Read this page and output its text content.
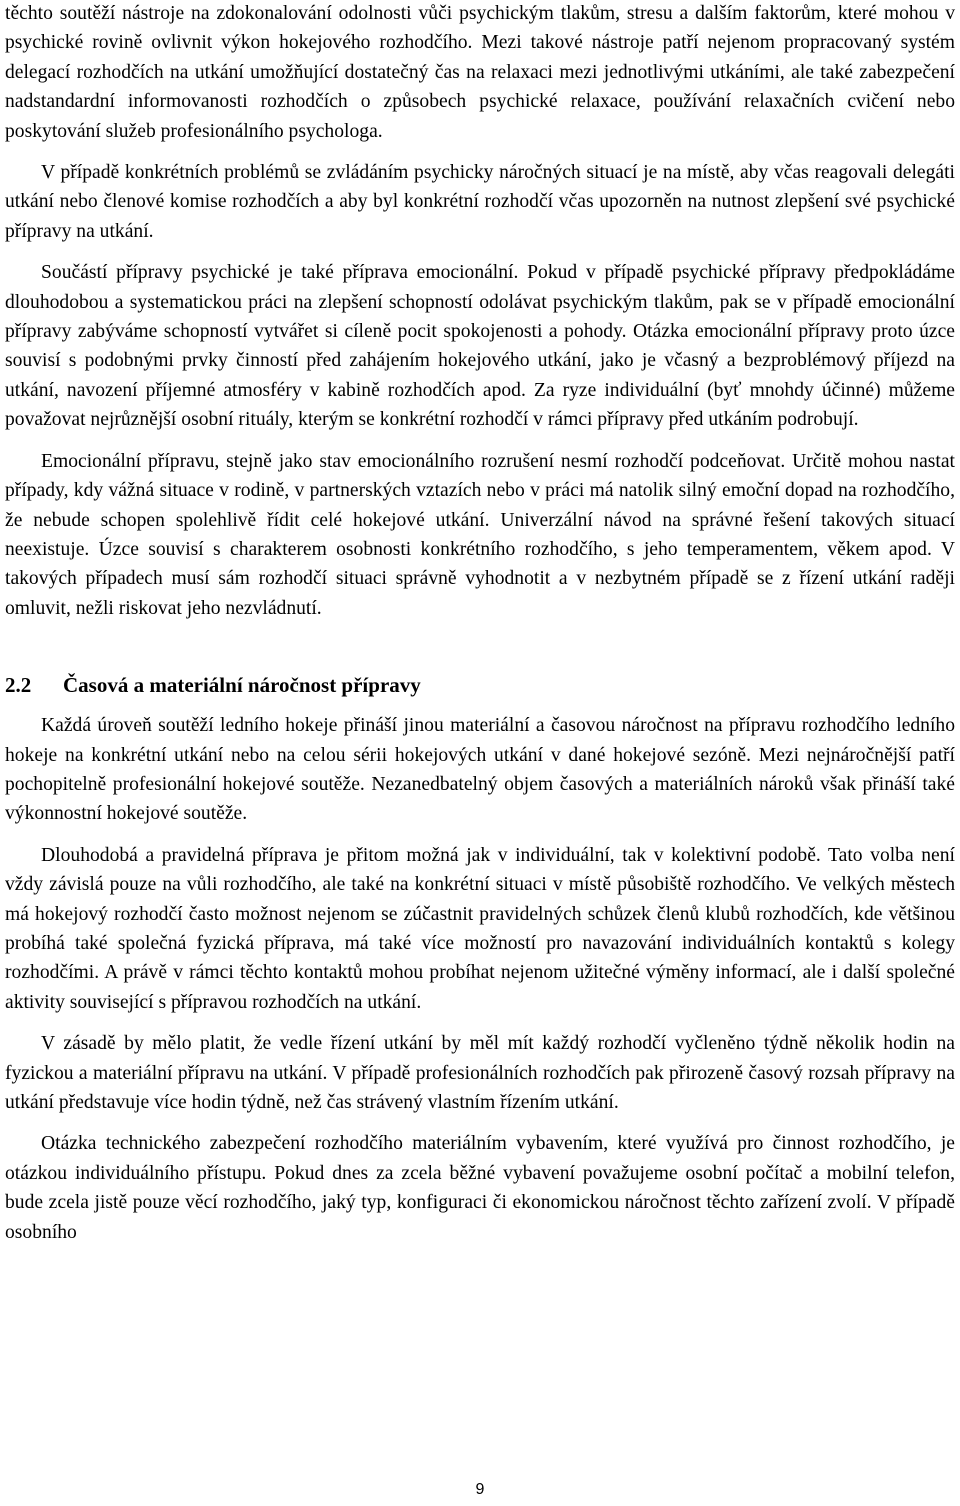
těchto soutěží nástroje na zdokonalování odolnosti vůči psychickým tlakům, stresu a dalším faktorům, které mohou v psychické rovině ovlivnit výkon hokejového rozhodčího. Mezi takové nástroje patří nejenom propracovaný systém delegací rozhodčích na utkání umožňující dostatečný čas na relaxaci mezi jednotlivými utkáními, ale také zabezpečení nadstandardní informovanosti rozhodčích o způsobech psychické relaxace, používání relaxačních cvičení nebo poskytování služeb profesionálního psychologa.

V případě konkrétních problémů se zvládáním psychicky náročných situací je na místě, aby včas reagovali delegáti utkání nebo členové komise rozhodčích a aby byl konkrétní rozhodčí včas upozorněn na nutnost zlepšení své psychické přípravy na utkání.

Součástí přípravy psychické je také příprava emocionální. Pokud v případě psychické přípravy předpokládáme dlouhodobou a systematickou práci na zlepšení schopností odolávat psychickým tlakům, pak se v případě emocionální přípravy zabýváme schopností vytvářet si cíleně pocit spokojenosti a pohody. Otázka emocionální přípravy proto úzce souvisí s podobnými prvky činností před zahájením hokejového utkání, jako je včasný a bezproblémový příjezd na utkání, navození příjemné atmosféry v kabině rozhodčích apod. Za ryze individuální (byť mnohdy účinné) můžeme považovat nejrůznější osobní rituály, kterým se konkrétní rozhodčí v rámci přípravy před utkáním podrobují.

Emocionální přípravu, stejně jako stav emocionálního rozrušení nesmí rozhodčí podceňovat. Určitě mohou nastat případy, kdy vážná situace v rodině, v partnerských vztazích nebo v práci má natolik silný emoční dopad na rozhodčího, že nebude schopen spolehlivě řídit celé hokejové utkání. Univerzální návod na správné řešení takových situací neexistuje. Úzce souvisí s charakterem osobnosti konkrétního rozhodčího, s jeho temperamentem, věkem apod. V takových případech musí sám rozhodčí situaci správně vyhodnotit a v nezbytném případě se z řízení utkání raději omluvit, nežli riskovat jeho nezvládnutí.

2.2 Časová a materiální náročnost přípravy

Každá úroveň soutěží ledního hokeje přináší jinou materiální a časovou náročnost na přípravu rozhodčího ledního hokeje na konkrétní utkání nebo na celou sérii hokejových utkání v dané hokejové sezóně. Mezi nejnáročnější patří pochopitelně profesionální hokejové soutěže. Nezanedbatelný objem časových a materiálních nároků však přináší také výkonnostní hokejové soutěže.

Dlouhodobá a pravidelná příprava je přitom možná jak v individuální, tak v kolektivní podobě. Tato volba není vždy závislá pouze na vůli rozhodčího, ale také na konkrétní situaci v místě působiště rozhodčího. Ve velkých městech má hokejový rozhodčí často možnost nejenom se zúčastnit pravidelných schůzek členů klubů rozhodčích, kde většinou probíhá také společná fyzická příprava, má také více možností pro navazování individuálních kontaktů s kolegy rozhodčími. A právě v rámci těchto kontaktů mohou probíhat nejenom užitečné výměny informací, ale i další společné aktivity související s přípravou rozhodčích na utkání.

V zásadě by mělo platit, že vedle řízení utkání by měl mít každý rozhodčí vyčleněno týdně několik hodin na fyzickou a materiální přípravu na utkání. V případě profesionálních rozhodčích pak přirozeně časový rozsah přípravy na utkání představuje více hodin týdně, než čas strávený vlastním řízením utkání.

Otázka technického zabezpečení rozhodčího materiálním vybavením, které využívá pro činnost rozhodčího, je otázkou individuálního přístupu. Pokud dnes za zcela běžné vybavení považujeme osobní počítač a mobilní telefon, bude zcela jistě pouze věcí rozhodčího, jaký typ, konfiguraci či ekonomickou náročnost těchto zařízení zvolí. V případě osobního

9
